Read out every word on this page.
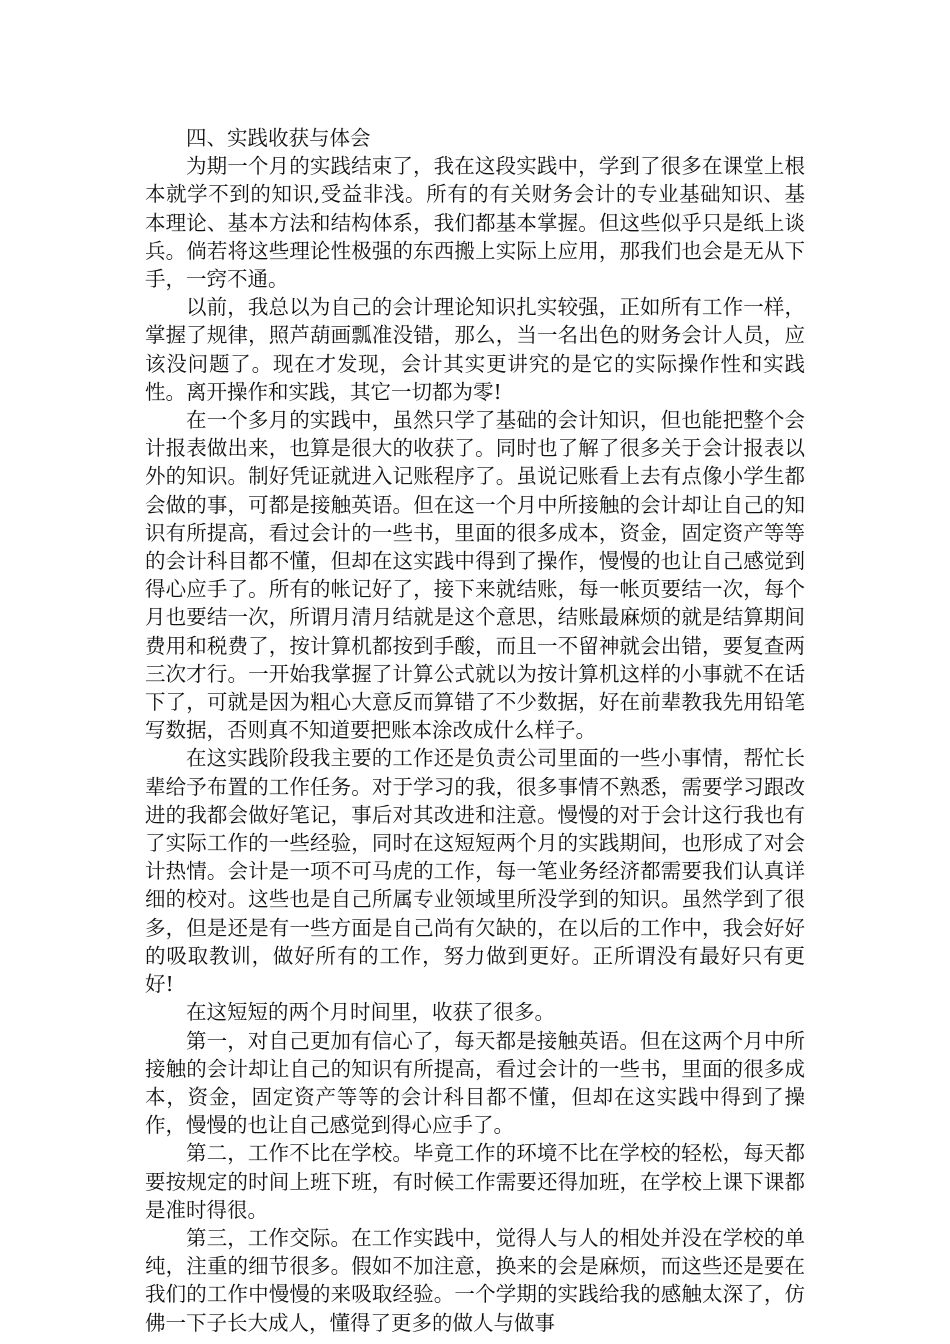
四、实践收获与体会

为期一个月的实践结束了，我在这段实践中，学到了很多在课堂上根本就学不到的知识,受益非浅。所有的有关财务会计的专业基础知识、基本理论、基本方法和结构体系，我们都基本掌握。但这些似乎只是纸上谈兵。倘若将这些理论性极强的东西搬上实际上应用，那我们也会是无从下手，一窍不通。

以前，我总以为自己的会计理论知识扎实较强，正如所有工作一样，掌握了规律，照芦葫画瓢准没错，那么，当一名出色的财务会计人员，应该没问题了。现在才发现，会计其实更讲究的是它的实际操作性和实践性。离开操作和实践，其它一切都为零!

在一个多月的实践中，虽然只学了基础的会计知识，但也能把整个会计报表做出来，也算是很大的收获了。同时也了解了很多关于会计报表以外的知识。制好凭证就进入记账程序了。虽说记账看上去有点像小学生都会做的事，可都是接触英语。但在这一个月中所接触的会计却让自己的知识有所提高，看过会计的一些书，里面的很多成本，资金，固定资产等等的会计科目都不懂，但却在这实践中得到了操作，慢慢的也让自己感觉到得心应手了。所有的帐记好了，接下来就结账，每一帐页要结一次，每个月也要结一次，所谓月清月结就是这个意思，结账最麻烦的就是结算期间费用和税费了，按计算机都按到手酸，而且一不留神就会出错，要复查两三次才行。一开始我掌握了计算公式就以为按计算机这样的小事就不在话下了，可就是因为粗心大意反而算错了不少数据，好在前辈教我先用铅笔写数据，否则真不知道要把账本涂改成什么样子。

在这实践阶段我主要的工作还是负责公司里面的一些小事情，帮忙长辈给予布置的工作任务。对于学习的我，很多事情不熟悉，需要学习跟改进的我都会做好笔记，事后对其改进和注意。慢慢的对于会计这行我也有了实际工作的一些经验，同时在这短短两个月的实践期间，也形成了对会计热情。会计是一项不可马虎的工作，每一笔业务经济都需要我们认真详细的校对。这些也是自己所属专业领域里所没学到的知识。虽然学到了很多，但是还是有一些方面是自己尚有欠缺的，在以后的工作中，我会好好的吸取教训，做好所有的工作，努力做到更好。正所谓没有最好只有更好!

在这短短的两个月时间里，收获了很多。

第一，对自己更加有信心了，每天都是接触英语。但在这两个月中所接触的会计却让自己的知识有所提高，看过会计的一些书，里面的很多成本，资金，固定资产等等的会计科目都不懂，但却在这实践中得到了操作，慢慢的也让自己感觉到得心应手了。

第二，工作不比在学校。毕竟工作的环境不比在学校的轻松，每天都要按规定的时间上班下班，有时候工作需要还得加班，在学校上课下课都是准时得很。

第三，工作交际。在工作实践中，觉得人与人的相处并没在学校的单纯，注重的细节很多。假如不加注意，换来的会是麻烦，而这些还是要在我们的工作中慢慢的来吸取经验。一个学期的实践给我的感触太深了，仿佛一下子长大成人，懂得了更多的做人与做事
